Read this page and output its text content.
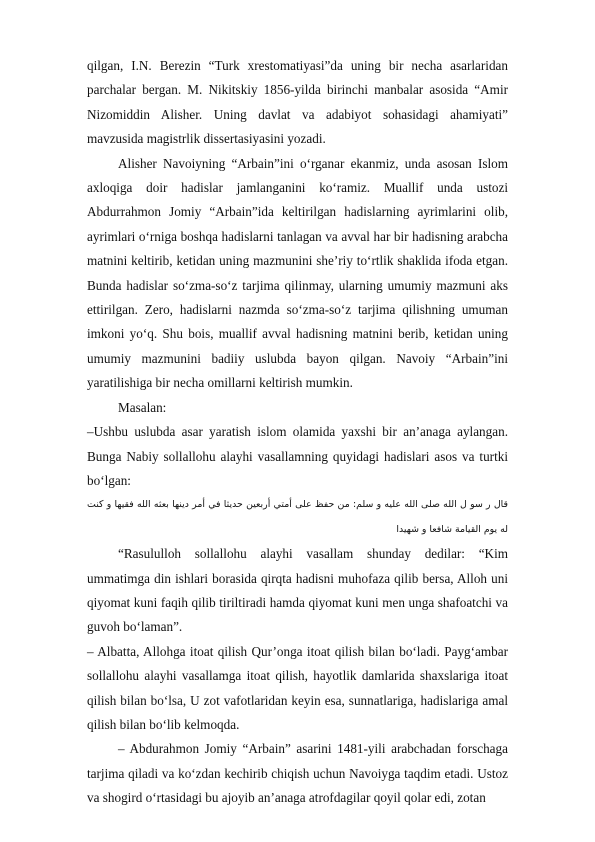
qilgan, I.N. Berezin “Turk xrestomatiyasi”da uning bir necha asarlaridan parchalar bergan. M. Nikitskiy 1856-yilda birinchi manbalar asosida “Amir Nizomiddin Alisher. Uning davlat va adabiyot sohasidagi ahamiyati” mavzusida magistrlik dissertasiyasini yozadi.

Alisher Navoiyning “Arbain”ini o‘rganar ekanmiz, unda asosan Islom axloqiga doir hadislar jamlanganini ko‘ramiz. Muallif unda ustozi Abdurrahmon Jomiy “Arbain”ida keltirilgan hadislarning ayrimlarini olib, ayrimlari o‘rniga boshqa hadislarni tanlagan va avval har bir hadisning arabcha matnini keltirib, ketidan uning mazmunini she’riy to‘rtlik shaklida ifoda etgan. Bunda hadislar so‘zma-so‘z tarjima qilinmay, ularning umumiy mazmuni aks ettirilgan. Zero, hadislarni nazmda so‘zma-so‘z tarjima qilishning umuman imkoni yo‘q. Shu bois, muallif avval hadisning matnini berib, ketidan uning umumiy mazmunini badiiy uslubda bayon qilgan. Navoiy “Arbain”ini yaratilishiga bir necha omillarni keltirish mumkin.

Masalan:

–Ushbu uslubda asar yaratish islom olamida yaxshi bir an’anaga aylangan. Bunga Nabiy sollallohu alayhi vasallamning quyidagi hadislari asos va turtki bo‘lgan:

قال ر سو ل الله صلى الله عليه و سلم: من حفظ على أمتي أربعين حديثا في أمر دينها بعثه الله فقيها و كنت له يوم القيامة شافعا و شهيدا

“Rasululloh sollallohu alayhi vasallam shunday dedilar: “Kim ummatimga din ishlari borasida qirqta hadisni muhofaza qilib bersa, Alloh uni qiyomat kuni faqih qilib tiriltiradi hamda qiyomat kuni men unga shafoatchi va guvoh bo‘laman”.

– Albatta, Allohga itoat qilish Qur’onga itoat qilish bilan bo‘ladi. Payg‘ambar sollallohu alayhi vasallamga itoat qilish, hayotlik damlarida shaxslariga itoat qilish bilan bo‘lsa, U zot vafotlaridan keyin esa, sunnatlariga, hadislariga amal qilish bilan bo‘lib kelmoqda.

– Abdurahmon Jomiy “Arbain” asarini 1481-yili arabchadan forschaga tarjima qiladi va ko‘zdan kechirib chiqish uchun Navoiyga taqdim etadi. Ustoz va shogird o‘rtasidagi bu ajoyib an’anaga atrofdagilar qoyil qolar edi, zotan
